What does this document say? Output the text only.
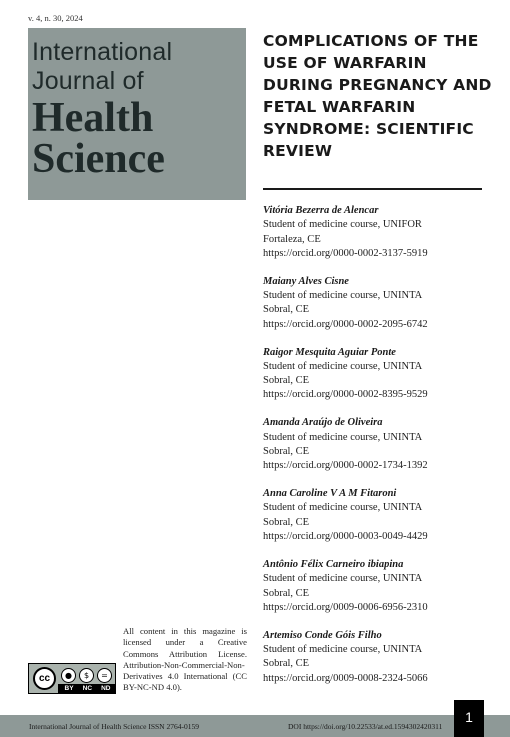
v. 4, n. 30, 2024
International
Journal of
Health
Science
COMPLICATIONS OF THE USE OF WARFARIN DURING PREGNANCY AND FETAL WARFARIN SYNDROME: SCIENTIFIC REVIEW
Vitória Bezerra de Alencar
Student of medicine course, UNIFOR
Fortaleza, CE
https://orcid.org/0000-0002-3137-5919
Maiany Alves Cisne
Student of medicine course, UNINTA
Sobral, CE
https://orcid.org/0000-0002-2095-6742
Raigor Mesquita Aguiar Ponte
Student of medicine course, UNINTA
Sobral, CE
https://orcid.org/0000-0002-8395-9529
Amanda Araújo de Oliveira
Student of medicine course, UNINTA
Sobral, CE
https://orcid.org/0000-0002-1734-1392
Anna Caroline V A M Fitaroni
Student of medicine course, UNINTA
Sobral, CE
https://orcid.org/0000-0003-0049-4429
Antônio Félix Carneiro ibiapina
Student of medicine course, UNINTA
Sobral, CE
https://orcid.org/0009-0006-6956-2310
Artemiso Conde Góis Filho
Student of medicine course, UNINTA
Sobral, CE
https://orcid.org/0009-0008-2324-5066
All content in this magazine is licensed under a Creative Commons Attribution License. Attribution-Non-Commercial-Non-Derivatives 4.0 International (CC BY-NC-ND 4.0).
cc	●	$	=
BY NC ND
International Journal of Health Science ISSN 2764-0159	DOI https://doi.org/10.22533/at.ed.1594302420311
1
